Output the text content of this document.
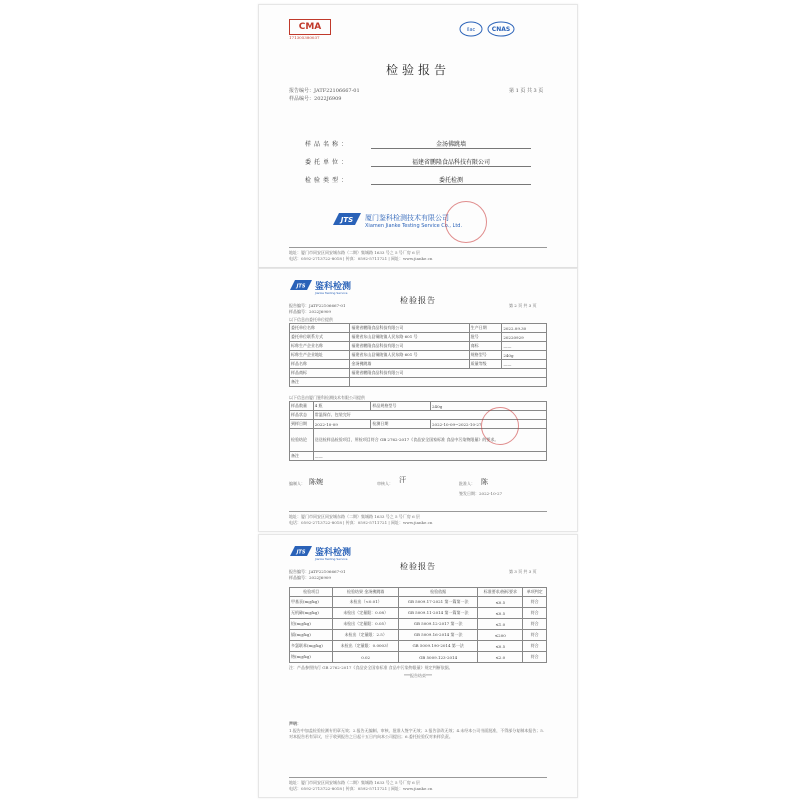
CMA
171305380037
ilac	CNAS
检验报告
报告编号：JATF22106667-01
样品编号：2022J6909
第 1 页 共 3 页
样品名称：	金汤佛跳墙
委托单位：	福建省鹏隆食品科技有限公司
检验类型：	委托检测
JTS 厦门鉴科检测技术有限公司
Xiamen Jianke Testing Service Co., Ltd.
地址：厦门市同安区同安城东路（二期）集城路 1633 号之 5 号厂房 6 层
电话：0592-2713722-8018 | 传真：0592-5711721 | 网址：www.jianke.cn
JTS 鉴科检测
Jianke Testing Service
检验报告
报告编号：JATF22106667-01
样品编号：2022J6909
第 2 页 共 3 页
以下信息由委托单位提供
委托单位名称	福建省鹏隆食品科技有限公司	生产日期	2022.09.30
委托单位联系方式	福建省东山县铜陵镇人民东路 601 号	批号	20220929
标称生产企业名称	福建省鹏隆食品科技有限公司	商标	——
标称生产企业地址	福建省东山县铜陵镇人民东路 601 号	规格型号	240g
样品名称	金汤佛跳墙	质量等级	——
样品商标	福建省鹏隆食品科技有限公司		
备注			
以下信息由厦门鉴科检测技术有限公司提供
样品数量	4 瓶	样品规格型号	240g
样品状态	常温保存、包装完好		
到样日期	2022-10-09	检测日期	2022-10-09~2022-10-27
检验结论	送送检样品检验项目，所检项目符合 GB 2762-2017《食品安全国家标准 食品中污染物限量》的要求。		
备注	——		
编制人： 陈婉	审核人： 汗	批准人： 陈
签发日期：2022-10-27
地址：厦门市同安区同安城东路（二期）集城路 1633 号之 5 号厂房 6 层
电话：0592-2713722-8018 | 传真：0592-5711721 | 网址：www.jianke.cn
JTS 鉴科检测
Jianke Testing Service
检验报告
报告编号：JATF22106667-01
样品编号：2022J6909
第 3 页 共 3 页
检验项目	检验结果 金汤佛跳墙	检验依据	标准要求/指标要求	单项判定
甲基汞(mg/kg)	未检出（<0.01）	GB 5009.17-2021 第一篇第一法	≤0.5	符合
无机砷(mg/kg)	未检出（定量限：0.08）	GB 5009.11-2014 第一篇第一法	≤0.5	符合
铅(mg/kg)	未检出（定量限：0.05）	GB 5009.12-2017 第一法	≤1.0	符合
镉(mg/kg)	未检出（定量限：2.5）	GB 5009.16-2014 第一法	≤200	符合
多氯联苯(mg/kg)	未检出（定量限：0.0003）	GB 5009.190-2014 第一法	≤0.5	符合
铬(mg/kg)	0.02	GB 5009.123-2014	≤2.0	符合
注：产品参照执行 GB 2762-2017《食品安全国家标准 食品中污染物限量》规定判断依据。
***报告结束***
声明：
1.报告中加盖检验检测专用章无效；2.报告无编制、审核、批准人签字无效；3.报告涂改无效；4.未经本公司书面批准，不得部分复制本报告；5.对本报告若有异议，应于收到报告之日起十五日内向本公司提出；6.委托检验仅对来样负责。
地址：厦门市同安区同安城东路（二期）集城路 1633 号之 5 号厂房 6 层
电话：0592-2713722-8018 | 传真：0592-5711721 | 网址：www.jianke.cn
